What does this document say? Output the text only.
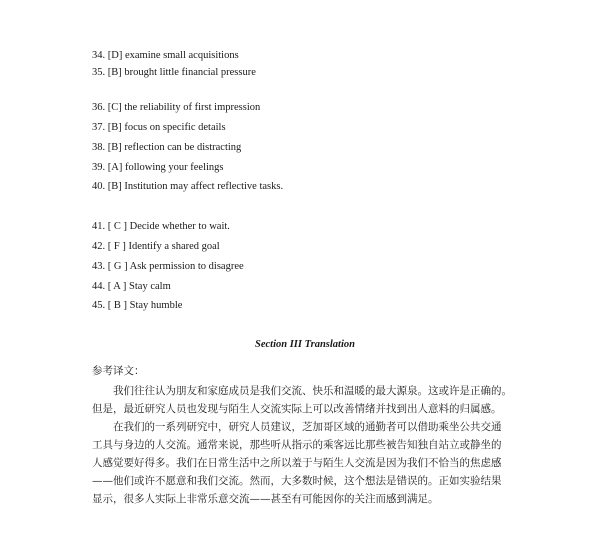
34. [D] examine small acquisitions
35. [B] brought little financial pressure
36. [C] the reliability of first impression
37. [B] focus on specific details
38. [B] reflection can be distracting
39. [A] following your feelings
40. [B] Institution may affect reflective tasks.
41. [ C ] Decide whether to wait.
42. [ F ] Identify a shared goal
43. [ G ] Ask permission to disagree
44. [ A ] Stay calm
45. [ B ] Stay humble
Section III Translation
参考译文：
我们往往认为朋友和家庭成员是我们交流、快乐和温暖的最大源泉。这或许是正确的。
但是，最近研究人员也发现与陌生人交流实际上可以改善情绪并找到出人意料的归属感。
在我们的一系列研究中，研究人员建议，芝加哥区域的通勤者可以借助乘坐公共交通
工具与身边的人交流。通常来说，那些听从指示的乘客远比那些被告知独自站立或静坐的
人感觉要好得多。我们在日常生活中之所以羞于与陌生人交流是因为我们不恰当的焦虑感
——他们或许不愿意和我们交流。然而，大多数时候，这个想法是错误的。正如实验结果
显示，很多人实际上非常乐意交流——甚至有可能因你的关注而感到满足。
